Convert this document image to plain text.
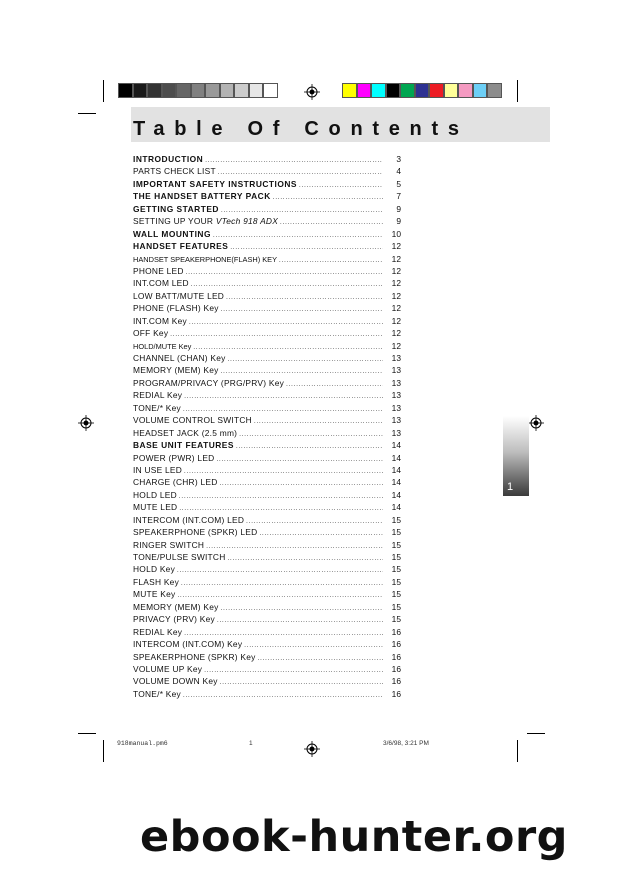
Table Of Contents
INTRODUCTION . . .	3
PARTS CHECK LIST . . .	4
IMPORTANT SAFETY INSTRUCTIONS . . .	5
THE HANDSET BATTERY PACK . . .	7
GETTING STARTED . . .	9
SETTING UP YOUR VTech 918 ADX . . .	9
WALL MOUNTING . . .	10
HANDSET FEATURES . . .	12
HANDSET SPEAKERPHONE(FLASH) KEY . . .	12
PHONE LED . . .	12
INT.COM LED . . .	12
LOW BATT/MUTE LED . . .	12
PHONE (FLASH) Key . . .	12
INT.COM Key . . .	12
OFF Key . . .	12
HOLD/MUTE Key . . .	12
CHANNEL (CHAN) Key . . .	13
MEMORY (MEM) Key . . .	13
PROGRAM/PRIVACY (PRG/PRV) Key . . .	13
REDIAL Key . . .	13
TONE/* Key . . .	13
VOLUME CONTROL SWITCH . . .	13
HEADSET JACK (2.5 mm) . . .	13
BASE UNIT FEATURES . . .	14
POWER (PWR) LED . . .	14
IN USE LED . . .	14
CHARGE (CHR) LED . . .	14
HOLD LED . . .	14
MUTE LED . . .	14
INTERCOM (INT.COM) LED . . .	15
SPEAKERPHONE (SPKR) LED . . .	15
RINGER SWITCH . . .	15
TONE/PULSE SWITCH . . .	15
HOLD Key . . .	15
FLASH Key . . .	15
MUTE Key . . .	15
MEMORY (MEM) Key . . .	15
PRIVACY (PRV) Key . . .	15
REDIAL Key . . .	16
INTERCOM (INT.COM) Key . . .	16
SPEAKERPHONE (SPKR) Key . . .	16
VOLUME UP Key . . .	16
VOLUME DOWN Key . . .	16
TONE/* Key . . .	16
1
918manual.pm6	1	3/6/98, 3:21 PM
ebook-hunter.org
